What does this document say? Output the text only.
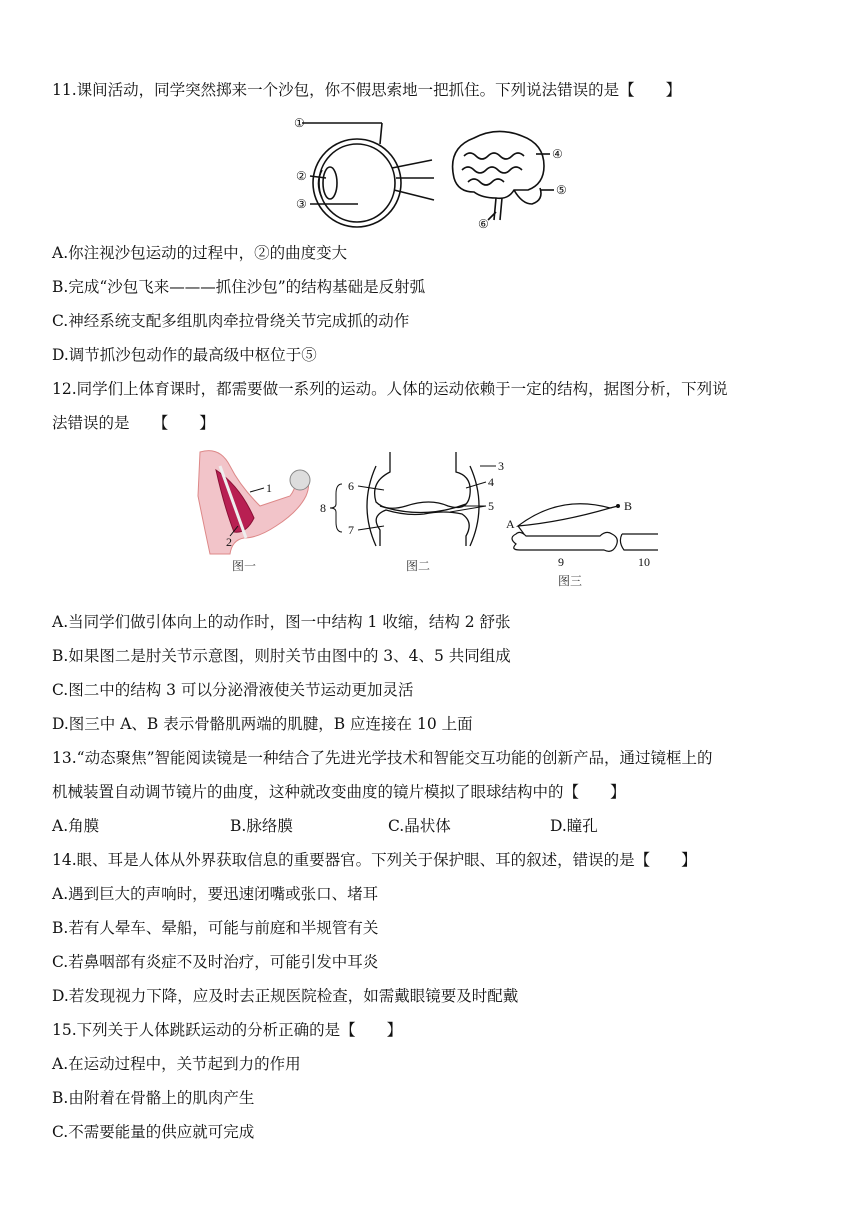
11.课间活动，同学突然掷来一个沙包，你不假思索地一把抓住。下列说法错误的是【　　】
①
②
③
④
⑤
⑥
A.你注视沙包运动的过程中，②的曲度变大
B.完成“沙包飞来———抓住沙包”的结构基础是反射弧
C.神经系统支配多组肌肉牵拉骨绕关节完成抓的动作
D.调节抓沙包动作的最高级中枢位于⑤
12.同学们上体育课时，都需要做一系列的运动。人体的运动依赖于一定的结构，据图分析，下列说
法错误的是　　【　　】
1
2
图一
3
4
5
6
7
8
图二
A
B
9	10
图三
A.当同学们做引体向上的动作时，图一中结构 1 收缩，结构 2 舒张
B.如果图二是肘关节示意图，则肘关节由图中的 3、4、5 共同组成
C.图二中的结构 3 可以分泌滑液使关节运动更加灵活
D.图三中 A、B 表示骨骼肌两端的肌腱，B 应连接在 10 上面
13.“动态聚焦”智能阅读镜是一种结合了先进光学技术和智能交互功能的创新产品，通过镜框上的
机械装置自动调节镜片的曲度，这种就改变曲度的镜片模拟了眼球结构中的【　　】
A.角膜	B.脉络膜	C.晶状体	D.瞳孔
14.眼、耳是人体从外界获取信息的重要器官。下列关于保护眼、耳的叙述，错误的是【　　】
A.遇到巨大的声响时，要迅速闭嘴或张口、堵耳
B.若有人晕车、晕船，可能与前庭和半规管有关
C.若鼻咽部有炎症不及时治疗，可能引发中耳炎
D.若发现视力下降，应及时去正规医院检查，如需戴眼镜要及时配戴
15.下列关于人体跳跃运动的分析正确的是【　　】
A.在运动过程中，关节起到力的作用
B.由附着在骨骼上的肌肉产生
C.不需要能量的供应就可完成
